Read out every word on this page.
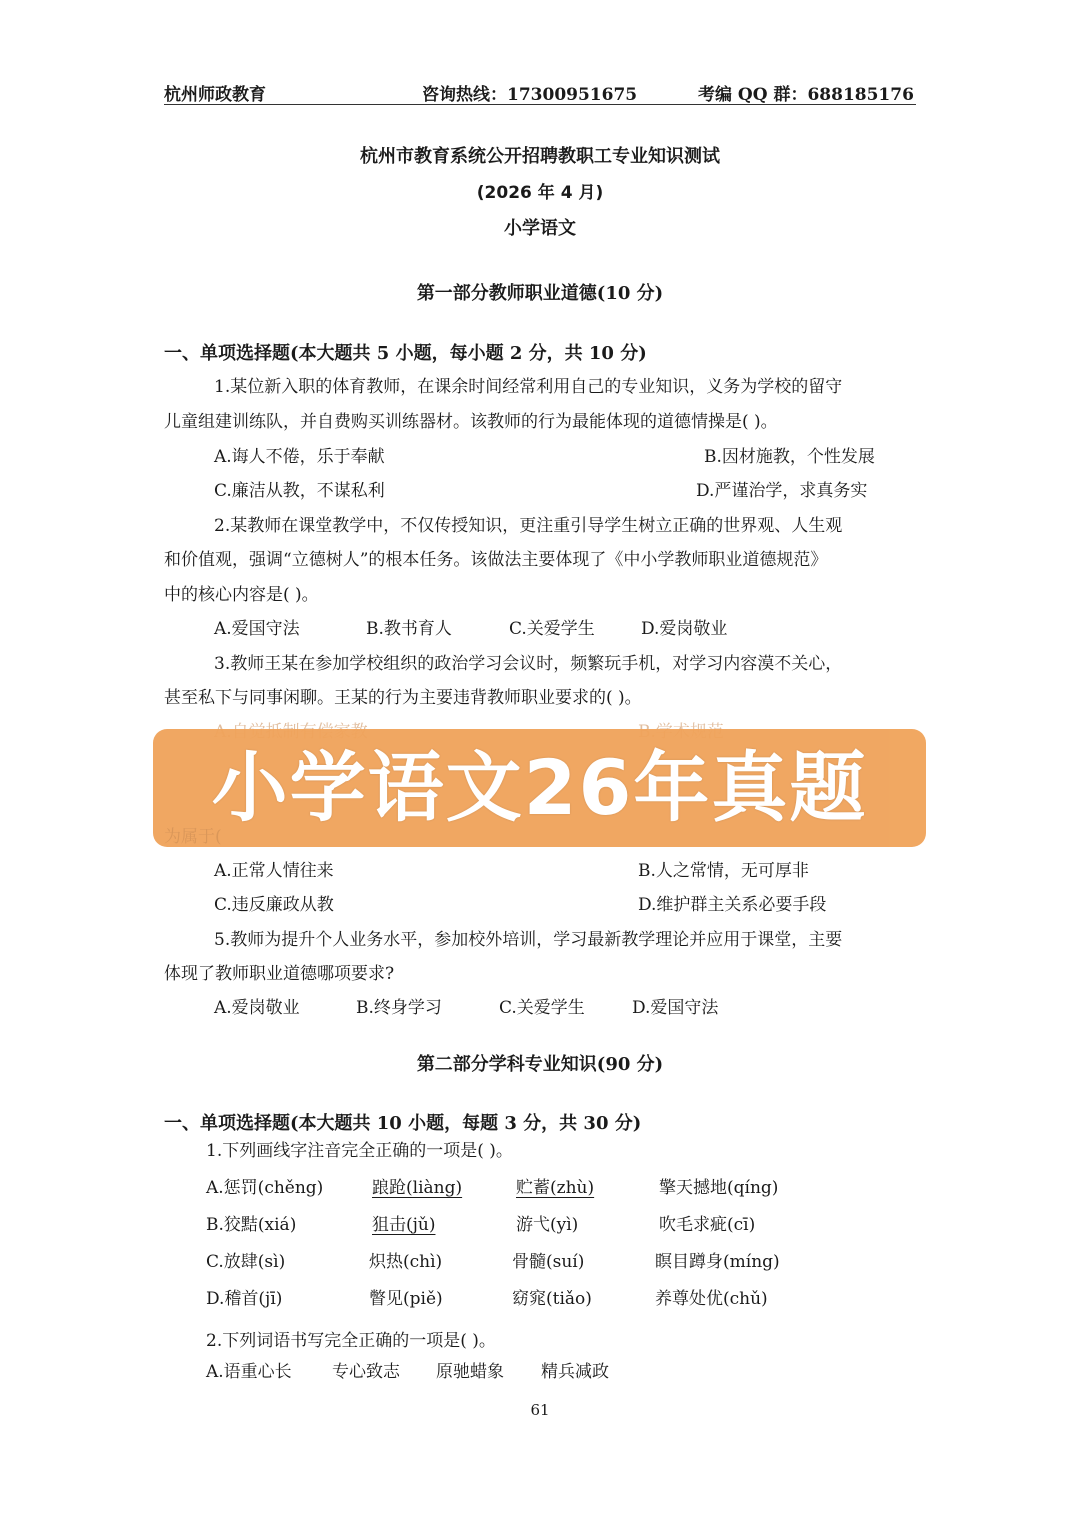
杭州师政教育	咨询热线：17300951675	考编 QQ 群：688185176
杭州市教育系统公开招聘教职工专业知识测试
(2026 年 4 月)
小学语文
第一部分教师职业道德(10 分)
一、单项选择题(本大题共 5 小题，每小题 2 分，共 10 分)
1.某位新入职的体育教师，在课余时间经常利用自己的专业知识，义务为学校的留守
儿童组建训练队，并自费购买训练器材。该教师的行为最能体现的道德情操是( )。
A.诲人不倦，乐于奉献	B.因材施教，个性发展
C.廉洁从教，不谋私利	D.严谨治学，求真务实
2.某教师在课堂教学中，不仅传授知识，更注重引导学生树立正确的世界观、人生观
和价值观，强调“立德树人”的根本任务。该做法主要体现了《中小学教师职业道德规范》
中的核心内容是( )。
A.爱国守法	B.教书育人	C.关爱学生	D.爱岗敬业
3.教师王某在参加学校组织的政治学习会议时，频繁玩手机，对学习内容漠不关心，
甚至私下与同事闲聊。王某的行为主要违背教师职业要求的( )。
小学语文26年真题
为属于(
A.正常人情往来	B.人之常情，无可厚非
C.违反廉政从教	D.维护群主关系必要手段
5.教师为提升个人业务水平，参加校外培训，学习最新教学理论并应用于课堂，主要
体现了教师职业道德哪项要求?
A.爱岗敬业	B.终身学习	C.关爱学生	D.爱国守法
第二部分学科专业知识(90 分)
一、单项选择题(本大题共 10 小题，每题 3 分，共 30 分)
1.下列画线字注音完全正确的一项是( )。
A.惩罚(chěng)	踉跄(liàng)	贮蓄(zhù)	擎天撼地(qíng)
B.狡黠(xiá)	狙击(jǔ)	游弋(yì)	吹毛求疵(cī)
C.放肆(sì)	炽热(chì)	骨髓(suí)	瞑目蹲身(míng)
D.稽首(jī)	瞥见(piě)	窈窕(tiǎo)	养尊处优(chǔ)
2.下列词语书写完全正确的一项是( )。
A.语重心长 专心致志 原驰蜡象 精兵减政
61
